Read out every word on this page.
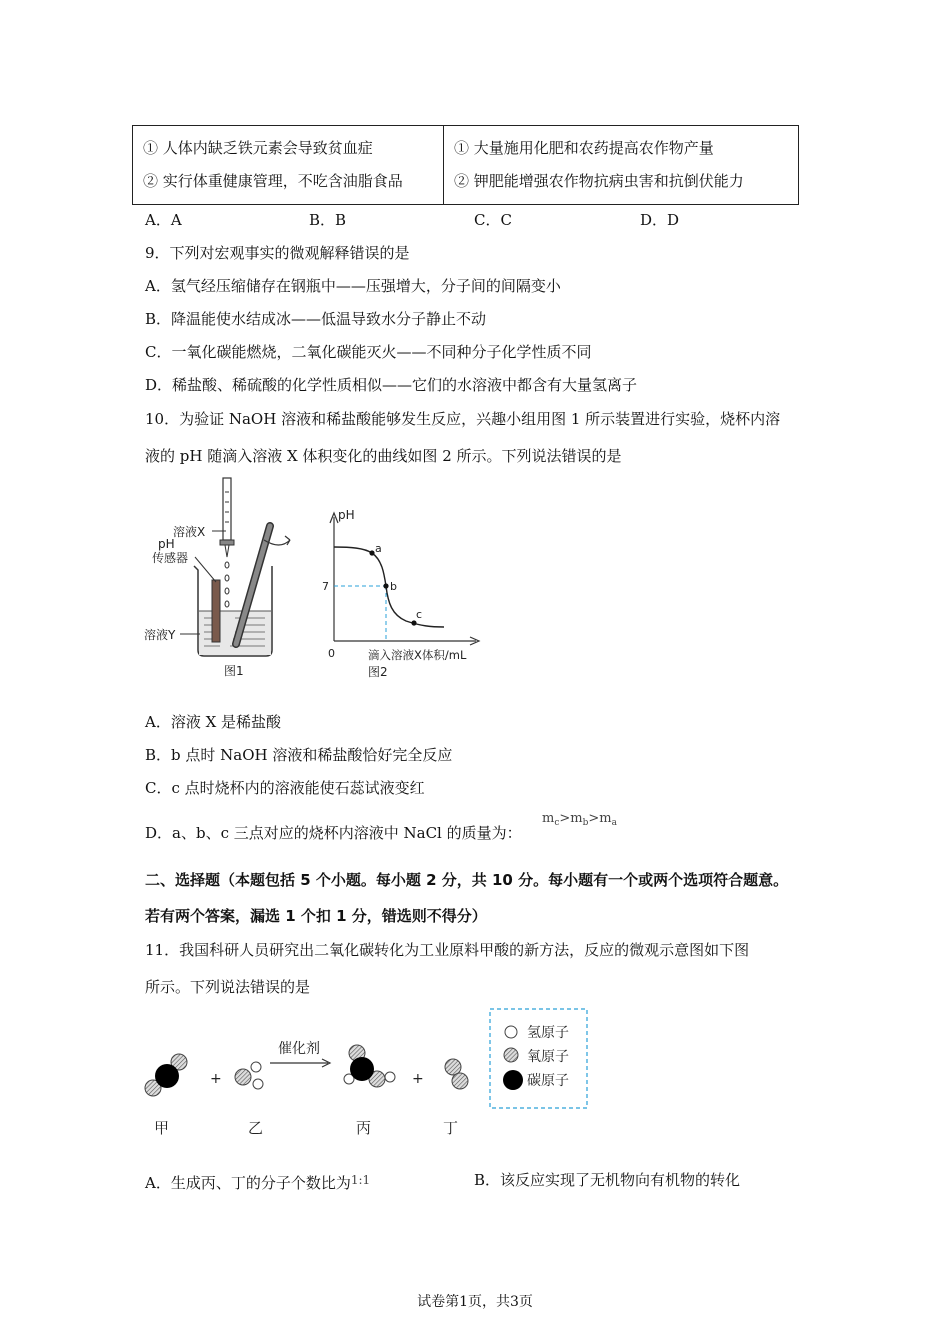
① 人体内缺乏铁元素会导致贫血症
② 实行体重健康管理，不吃含油脂食品

① 大量施用化肥和农药提高农作物产量
② 钾肥能增强农作物抗病虫害和抗倒伏能力
A．A	B．B	C．C	D．D
9．下列对宏观事实的微观解释错误的是
A．氢气经压缩储存在钢瓶中——压强增大，分子间的间隔变小
B．降温能使水结成冰——低温导致水分子静止不动
C．一氧化碳能燃烧，二氧化碳能灭火——不同种分子化学性质不同
D．稀盐酸、稀硫酸的化学性质相似——它们的水溶液中都含有大量氢离子
10．为验证 NaOH 溶液和稀盐酸能够发生反应，兴趣小组用图 1 所示装置进行实验，烧杯内溶
液的 pH 随滴入溶液 X 体积变化的曲线如图 2 所示。下列说法错误的是
溶液X
pH
传感器
溶液Y
图1
a
b
c
pH
7
0	滴入溶液X体积/mL
图2
A．溶液 X 是稀盐酸
B．b 点时 NaOH 溶液和稀盐酸恰好完全反应
C．c 点时烧杯内的溶液能使石蕊试液变红
D．a、b、c 三点对应的烧杯内溶液中 NaCl 的质量为：
$m_c>m_b>m_a$
二、选择题（本题包括 5 个小题。每小题 2 分，共 10 分。每小题有一个或两个选项符合题意。
若有两个答案，漏选 1 个扣 1 分，错选则不得分）
11．我国科研人员研究出二氧化碳转化为工业原料甲酸的新方法，反应的微观示意图如下图
所示。下列说法错误的是
+
催化剂
+
甲	乙	丙	丁
氢原子
氧原子
碳原子
A．生成丙、丁的分子个数比为$^{1:1}$	B．该反应实现了无机物向有机物的转化
试卷第1页，共3页
